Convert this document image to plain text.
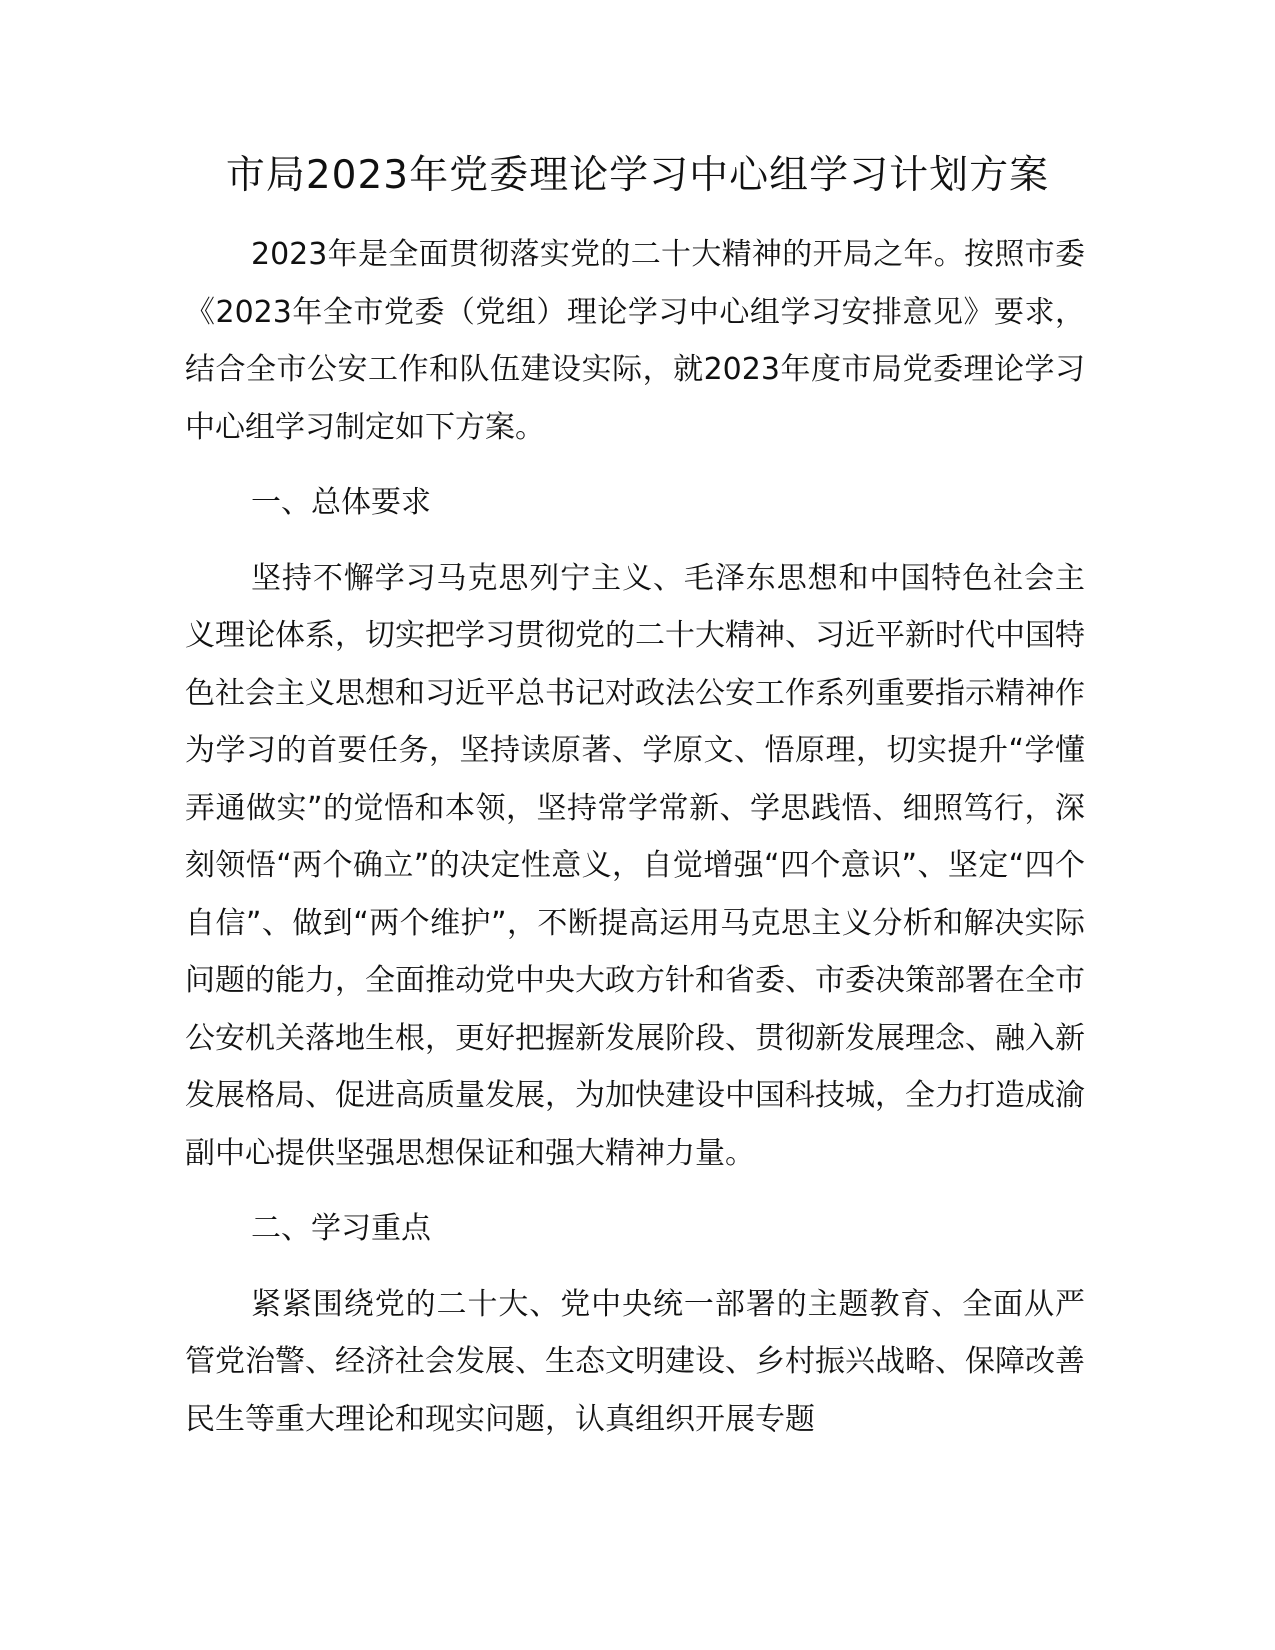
市局2023年党委理论学习中心组学习计划方案

2023年是全面贯彻落实党的二十大精神的开局之年。按照市委《2023年全市党委（党组）理论学习中心组学习安排意见》要求，结合全市公安工作和队伍建设实际，就2023年度市局党委理论学习中心组学习制定如下方案。

一、总体要求

坚持不懈学习马克思列宁主义、毛泽东思想和中国特色社会主义理论体系，切实把学习贯彻党的二十大精神、习近平新时代中国特色社会主义思想和习近平总书记对政法公安工作系列重要指示精神作为学习的首要任务，坚持读原著、学原文、悟原理，切实提升“学懂弄通做实”的觉悟和本领，坚持常学常新、学思践悟、细照笃行，深刻领悟“两个确立”的决定性意义，自觉增强“四个意识”、坚定“四个自信”、做到“两个维护”，不断提高运用马克思主义分析和解决实际问题的能力，全面推动党中央大政方针和省委、市委决策部署在全市公安机关落地生根，更好把握新发展阶段、贯彻新发展理念、融入新发展格局、促进高质量发展，为加快建设中国科技城，全力打造成渝副中心提供坚强思想保证和强大精神力量。

二、学习重点

紧紧围绕党的二十大、党中央统一部署的主题教育、全面从严管党治警、经济社会发展、生态文明建设、乡村振兴战略、保障改善民生等重大理论和现实问题，认真组织开展专题
